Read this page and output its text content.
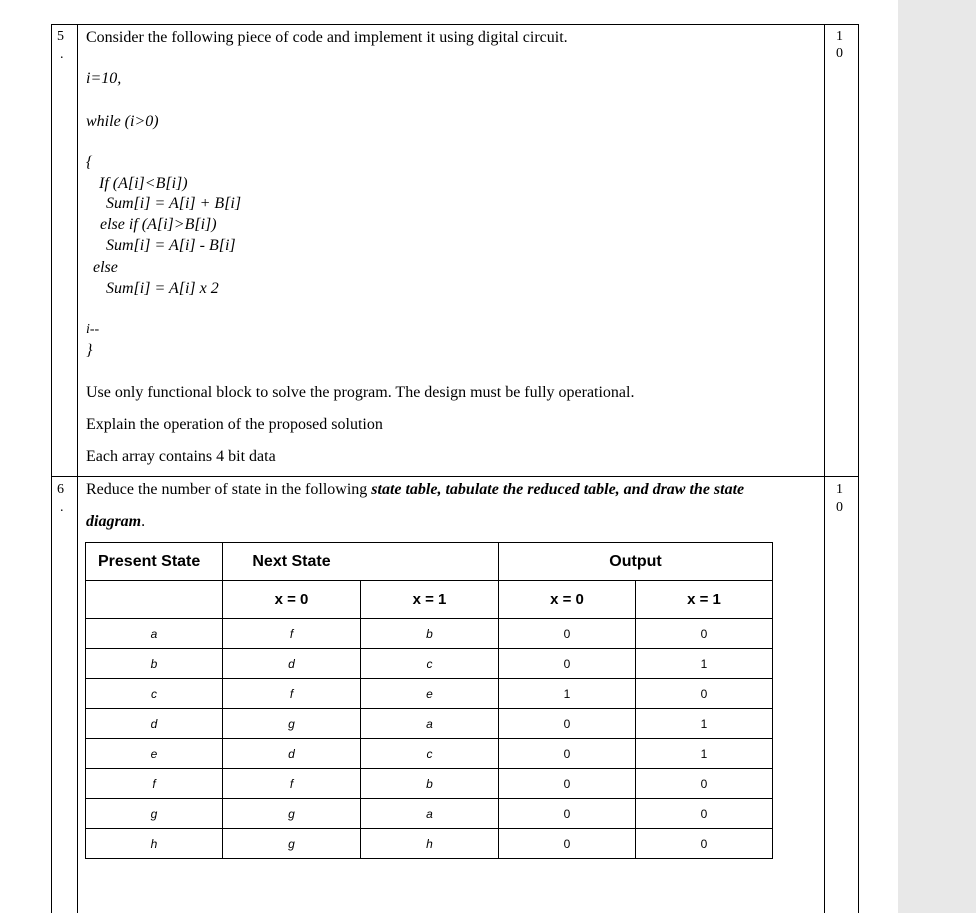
5
.
1
0
Consider the following piece of code and implement it using digital circuit.
i=10,
while (i>0)
{
If (A[i]<B[i])
Sum[i] = A[i] + B[i]
else if (A[i]>B[i])
Sum[i] = A[i] - B[i]
else
Sum[i] = A[i] x 2
i--
}
Use only functional block to solve the program. The design must be fully operational.
Explain the operation of the proposed solution
Each array contains 4 bit data
6
.
1
0
Reduce the number of state in the following state table, tabulate the reduced table, and draw the state
diagram.
Present State	Next State		Output	
	x = 0	x = 1	x = 0	x = 1
a	f	b	0	0
b	d	c	0	1
c	f	e	1	0
d	g	a	0	1
e	d	c	0	1
f	f	b	0	0
g	g	a	0	0
h	g	h	0	0
